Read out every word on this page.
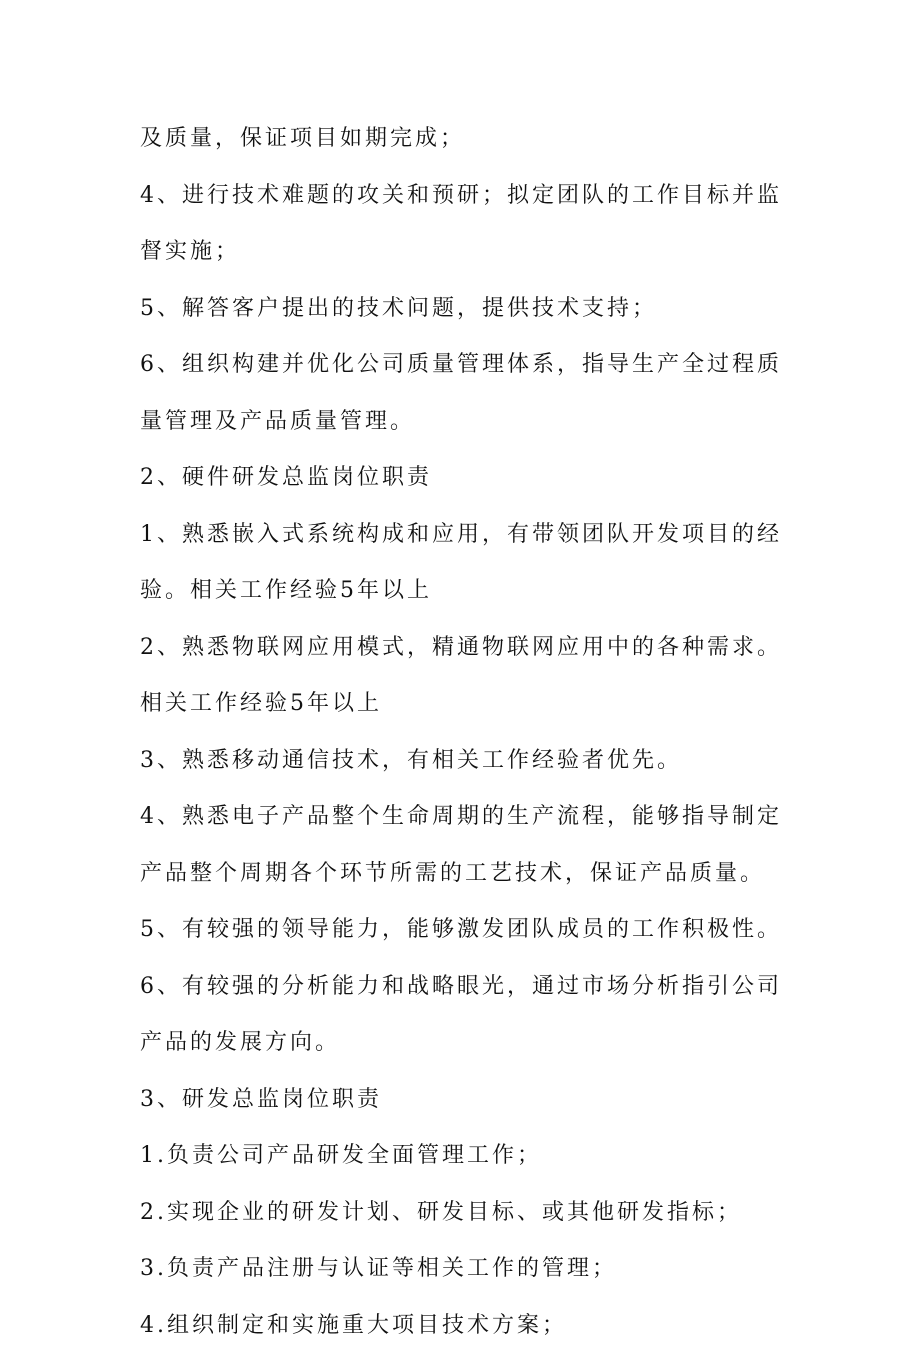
及质量，保证项目如期完成；
4、进行技术难题的攻关和预研；拟定团队的工作目标并监
督实施；
5、解答客户提出的技术问题，提供技术支持；
6、组织构建并优化公司质量管理体系，指导生产全过程质
量管理及产品质量管理。
2、硬件研发总监岗位职责
1、熟悉嵌入式系统构成和应用，有带领团队开发项目的经
验。相关工作经验5年以上
2、熟悉物联网应用模式，精通物联网应用中的各种需求。
相关工作经验5年以上
3、熟悉移动通信技术，有相关工作经验者优先。
4、熟悉电子产品整个生命周期的生产流程，能够指导制定
产品整个周期各个环节所需的工艺技术，保证产品质量。
5、有较强的领导能力，能够激发团队成员的工作积极性。
6、有较强的分析能力和战略眼光，通过市场分析指引公司
产品的发展方向。
3、研发总监岗位职责
1.负责公司产品研发全面管理工作；
2.实现企业的研发计划、研发目标、或其他研发指标；
3.负责产品注册与认证等相关工作的管理；
4.组织制定和实施重大项目技术方案；
